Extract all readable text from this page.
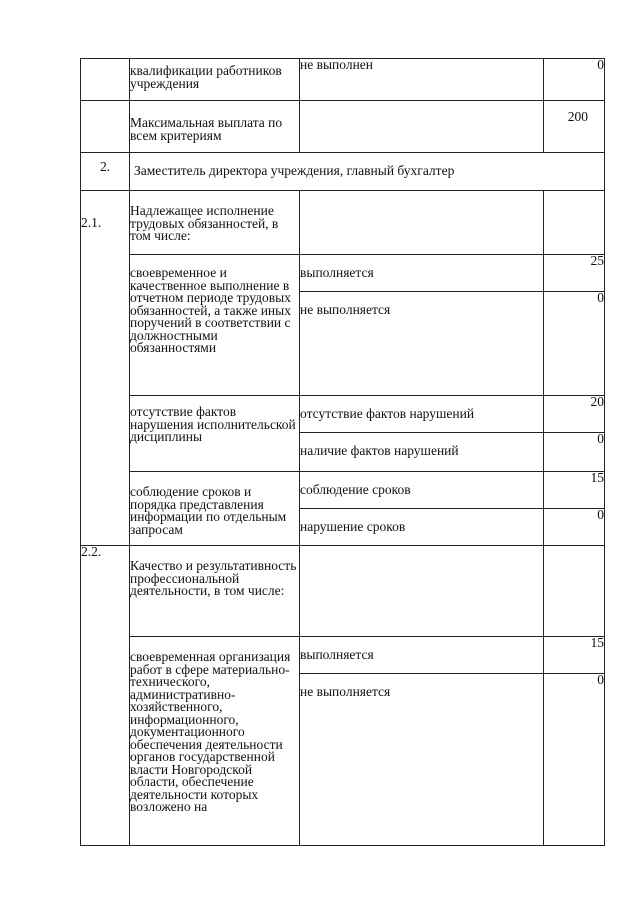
	квалификации работников учреждения	не выполнен	0
	Максимальная выплата по всем критериям		200
2.	Заместитель директора учреждения, главный бухгалтер		
2.1.	Надлежащее исполнение трудовых обязанностей, в том числе:		
	своевременное и качественное выполнение в отчетном периоде трудовых обязанностей, а также иных поручений в соответствии с должностными обязанностями	выполняется	25
		не выполняется	0
	отсутствие фактов нарушения исполнительской дисциплины	отсутствие фактов нарушений	20
		наличие фактов нарушений	0
	соблюдение сроков и порядка представления информации по отдельным запросам	соблюдение сроков	15
		нарушение сроков	0
2.2.	Качество и результативность профессиональной деятельности, в том числе:		
	своевременная организация работ в сфере материально-технического, административно-хозяйственного, информационного, документационного обеспечения деятельности органов государственной власти Новгородской области, обеспечение деятельности которых возложено на	выполняется	15
		не выполняется	0
